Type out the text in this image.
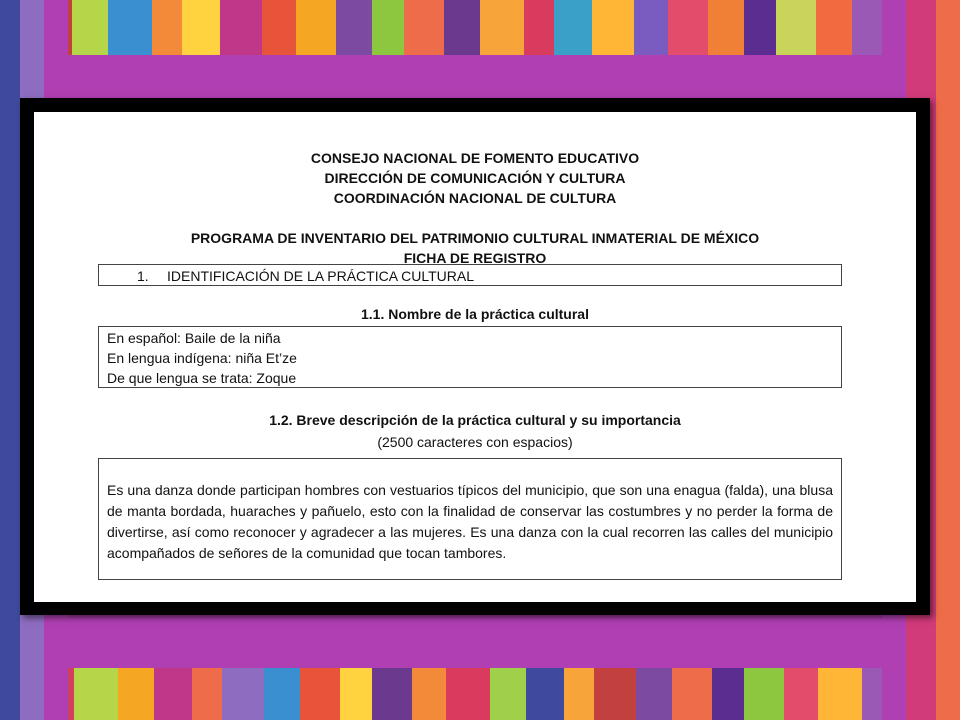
CONSEJO NACIONAL DE FOMENTO EDUCATIVO
DIRECCIÓN DE COMUNICACIÓN Y CULTURA
COORDINACIÓN NACIONAL DE CULTURA
PROGRAMA DE INVENTARIO DEL PATRIMONIO CULTURAL INMATERIAL DE MÉXICO
FICHA DE REGISTRO
1. IDENTIFICACIÓN DE LA PRÁCTICA CULTURAL
1.1. Nombre de la práctica cultural
En español: Baile de la niña
En lengua indígena: niña Et’ze
De que lengua se trata: Zoque
1.2. Breve descripción de la práctica cultural y su importancia
(2500 caracteres con espacios)
Es una danza donde participan hombres con vestuarios típicos del municipio, que son una enagua (falda), una blusa de manta bordada, huaraches y pañuelo, esto con la finalidad de conservar las costumbres y no perder la forma de divertirse, así como reconocer y agradecer a las mujeres. Es una danza con la cual recorren las calles del municipio acompañados de señores de la comunidad que tocan tambores.
